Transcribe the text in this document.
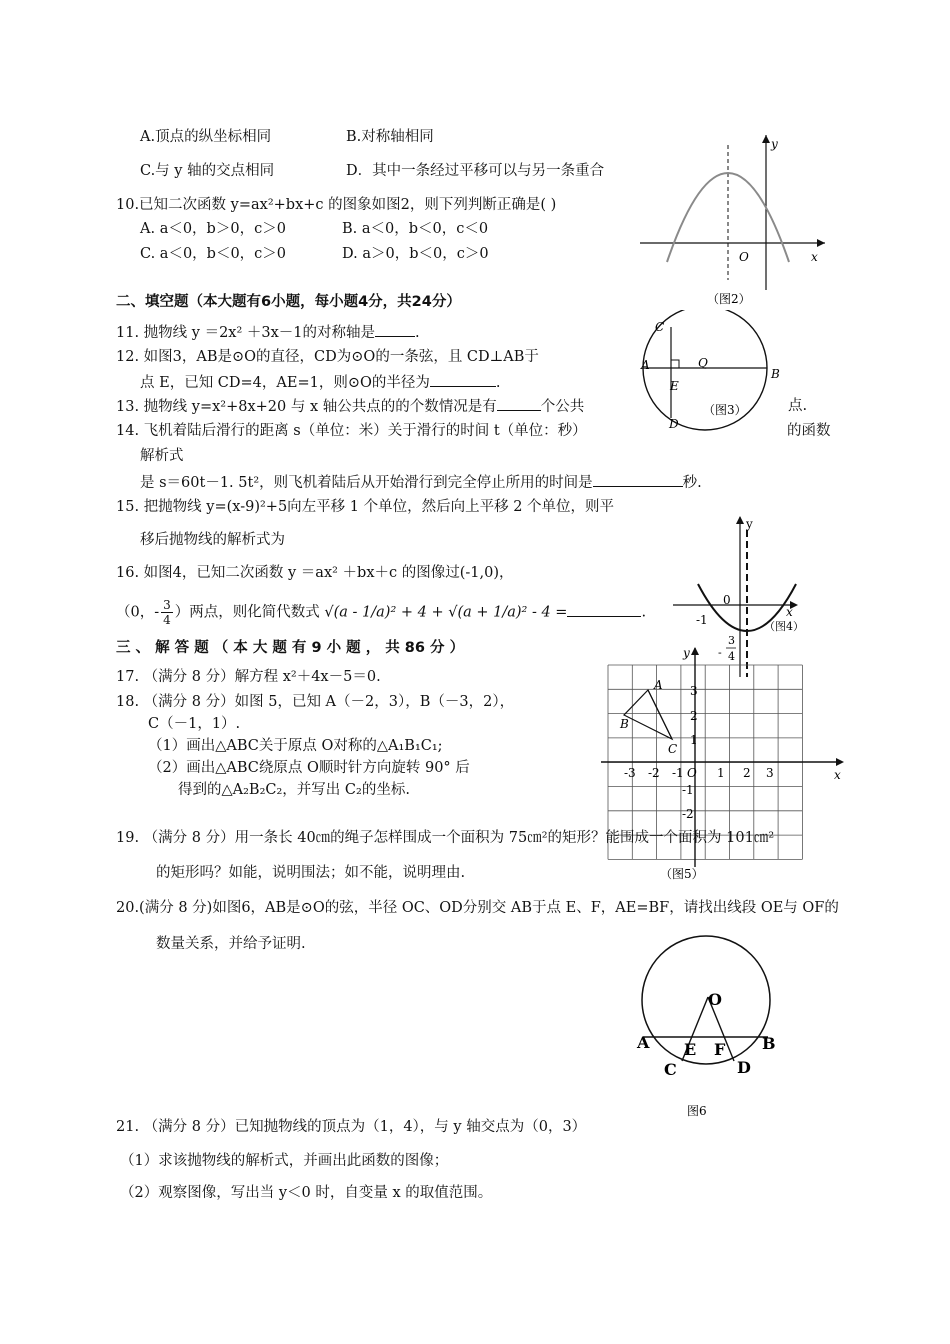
A.顶点的纵坐标相同	B.对称轴相同
C.与 y 轴的交点相同	D．其中一条经过平移可以与另一条重合
10.已知二次函数 y=ax²+bx+c 的图象如图2，则下列判断正确是( )
A. a＜0，b＞0，c＞0	B. a＜0，b＜0，c＜0
C. a＜0，b＜0，c＞0	D. a＞0，b＜0，c＞0
y
x
O
（图2）
二、填空题（本大题有6小题，每小题4分，共24分）
11. 抛物线 y ＝2x² ＋3x－1的对称轴是	.
12. 如图3，AB是⊙O的直径，CD为⊙O的一条弦，且 CD⊥AB于
点 E，已知 CD=4，AE=1，则⊙O的半径为	.
C
A	Q
E
B
D
（图3）
13. 抛物线 y=x²+8x+20 与 x 轴公共点的的个数情况是有	个公共	点.
14. 飞机着陆后滑行的距离 s（单位：米）关于滑行的时间 t（单位：秒）	的函数
解析式
是 s＝60t－1. 5t²，则飞机着陆后从开始滑行到完全停止所用的时间是	秒.
15. 把抛物线 y=(x-9)²+5向左平移 1 个单位，然后向上平移 2 个单位，则平
移后抛物线的解析式为
y
x
0
-1
-
3
4
（图4）
16. 如图4，已知二次函数 y ＝ax² ＋bx＋c 的图像过(-1,0)，
（0，- $\frac{3}{4}$ ）两点，则化简代数式 √(a - 1/a)² + 4 + √(a + 1/a)² - 4 =	.
三 、 解 答 题 （ 本 大 题 有 9 小 题 ， 共 86 分 ）
17. （满分 8 分）解方程 x²＋4x－5＝0.
18. （满分 8 分）如图 5，已知 A（－2，3），B（－3，2），
C（－1，1）.
（1）画出△ABC关于原点 O对称的△A₁B₁C₁;
（2）画出△ABC绕原点 O顺时针方向旋转 90° 后
得到的△A₂B₂C₂，并写出 C₂的坐标.
A
B
C
y
x
O
-3 -2 -1	1 2 3
3
2
1
-1
-2
（图5）
19. （满分 8 分）用一条长 40㎝的绳子怎样围成一个面积为 75㎝²的矩形？能围成一个面积为 101㎝²
的矩形吗？如能，说明围法；如不能，说明理由.
20.(满分 8 分)如图6，AB是⊙O的弦，半径 OC、OD分别交 AB于点 E、F，AE=BF，请找出线段 OE与 OF的
数量关系，并给予证明.
O
A	B
E F
C	D
图6
21. （满分 8 分）已知抛物线的顶点为（1，4），与 y 轴交点为（0，3）
（1）求该抛物线的解析式，并画出此函数的图像；
（2）观察图像，写出当 y＜0 时，自变量 x 的取值范围。
